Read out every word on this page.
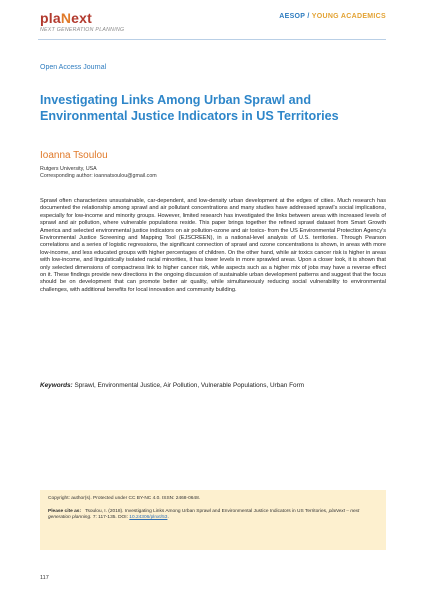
plaNext
NEXT GENERATION PLANNING
AESOP / YOUNG ACADEMICS
Open Access Journal
Investigating Links Among Urban Sprawl and Environmental Justice Indicators in US Territories
Ioanna Tsoulou
Rutgers University, USA
Corresponding author: ioannatsoulou@gmail.com
Sprawl often characterizes unsustainable, car-dependent, and low-density urban development at the edges of cities. Much research has documented the relationship among sprawl and air pollutant concentrations and many studies have addressed sprawl's social implications, especially for low-income and minority groups. However, limited research has investigated the links between areas with increased levels of sprawl and air pollution, where vulnerable populations reside. This paper brings together the refined sprawl dataset from Smart Growth America and selected environmental justice indicators on air pollution-ozone and air toxics- from the US Environmental Protection Agency's Environmental Justice Screening and Mapping Tool (EJSCREEN), in a national-level analysis of U.S. territories. Through Pearson correlations and a series of logistic regressions, the significant connection of sprawl and ozone concentrations is shown, in areas with more low-income, and less educated groups with higher percentages of children. On the other hand, while air toxics cancer risk is higher in areas with low-income, and linguistically isolated racial minorities, it has lower levels in more sprawled areas. Upon a closer look, it is shown that only selected dimensions of compactness link to higher cancer risk, while aspects such as a higher mix of jobs may have a reverse effect on it. These findings provide new directions in the ongoing discussion of sustainable urban development patterns and suggest that the focus should be on development that can promote better air quality, while simultaneously reducing social vulnerability to environmental challenges, with additional benefits for local innovation and community building.
Keywords: Sprawl, Environmental Justice, Air Pollution, Vulnerable Populations, Urban Form
Copyright: author(s). Protected under CC BY-NC 4.0. ISSN: 2468-0648.
Please cite as: Tsoulou, I. (2018). Investigating Links Among Urban Sprawl and Environmental Justice Indicators in US Territories, plaNext – next generation planning. 7: 117-135. DOI: 10.24306/plnxt/53.
117
